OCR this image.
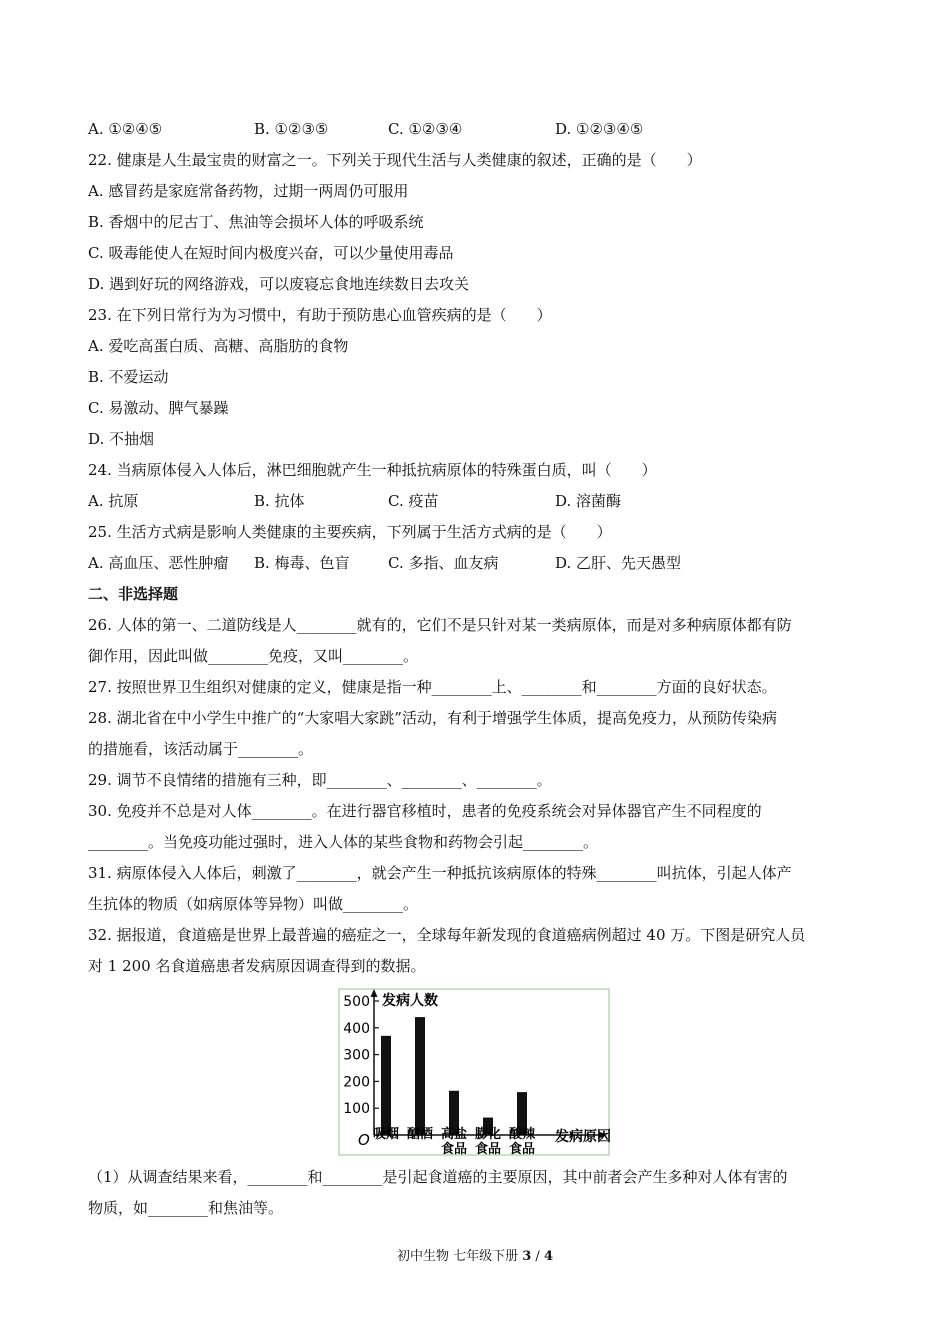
A. ①②④⑤	B. ①②③⑤	C. ①②③④	D. ①②③④⑤
22. 健康是人生最宝贵的财富之一。下列关于现代生活与人类健康的叙述，正确的是（　　）
A. 感冒药是家庭常备药物，过期一两周仍可服用
B. 香烟中的尼古丁、焦油等会损坏人体的呼吸系统
C. 吸毒能使人在短时间内极度兴奋，可以少量使用毒品
D. 遇到好玩的网络游戏，可以废寝忘食地连续数日去攻关
23. 在下列日常行为为习惯中，有助于预防患心血管疾病的是（　　）
A. 爱吃高蛋白质、高糖、高脂肪的食物
B. 不爱运动
C. 易激动、脾气暴躁
D. 不抽烟
24. 当病原体侵入人体后，淋巴细胞就产生一种抵抗病原体的特殊蛋白质，叫（　　）
A. 抗原	B. 抗体	C. 疫苗	D. 溶菌酶
25. 生活方式病是影响人类健康的主要疾病，下列属于生活方式病的是（　　）
A. 高血压、恶性肿瘤	B. 梅毒、色盲	C. 多指、血友病	D. 乙肝、先天愚型
二、非选择题
26. 人体的第一、二道防线是人________就有的，它们不是只针对某一类病原体，而是对多种病原体都有防
御作用，因此叫做________免疫，又叫________。
27. 按照世界卫生组织对健康的定义，健康是指一种________上、________和________方面的良好状态。
28. 湖北省在中小学生中推广的“大家唱大家跳”活动，有利于增强学生体质，提高免疫力，从预防传染病
的措施看，该活动属于________。
29. 调节不良情绪的措施有三种，即________、________、________。
30. 免疫并不总是对人体________。在进行器官移植时，患者的免疫系统会对异体器官产生不同程度的
________。当免疫功能过强时，进入人体的某些食物和药物会引起________。
31. 病原体侵入人体后，刺激了________，就会产生一种抵抗该病原体的特殊________叫抗体，引起人体产
生抗体的物质（如病原体等异物）叫做________。
32. 据报道，食道癌是世界上最普遍的癌症之一，全球每年新发现的食道癌病例超过 40 万。下图是研究人员
对 1 200 名食道癌患者发病原因调查得到的数据。
发病人数
发病原因
O
100
200
300
400
500
吸烟 酗酒 高盐
食品
膨化
食品
酸辣
食品
（1）从调查结果来看，________和________是引起食道癌的主要原因，其中前者会产生多种对人体有害的
物质，如________和焦油等。
初中生物 七年级下册 3 / 4
